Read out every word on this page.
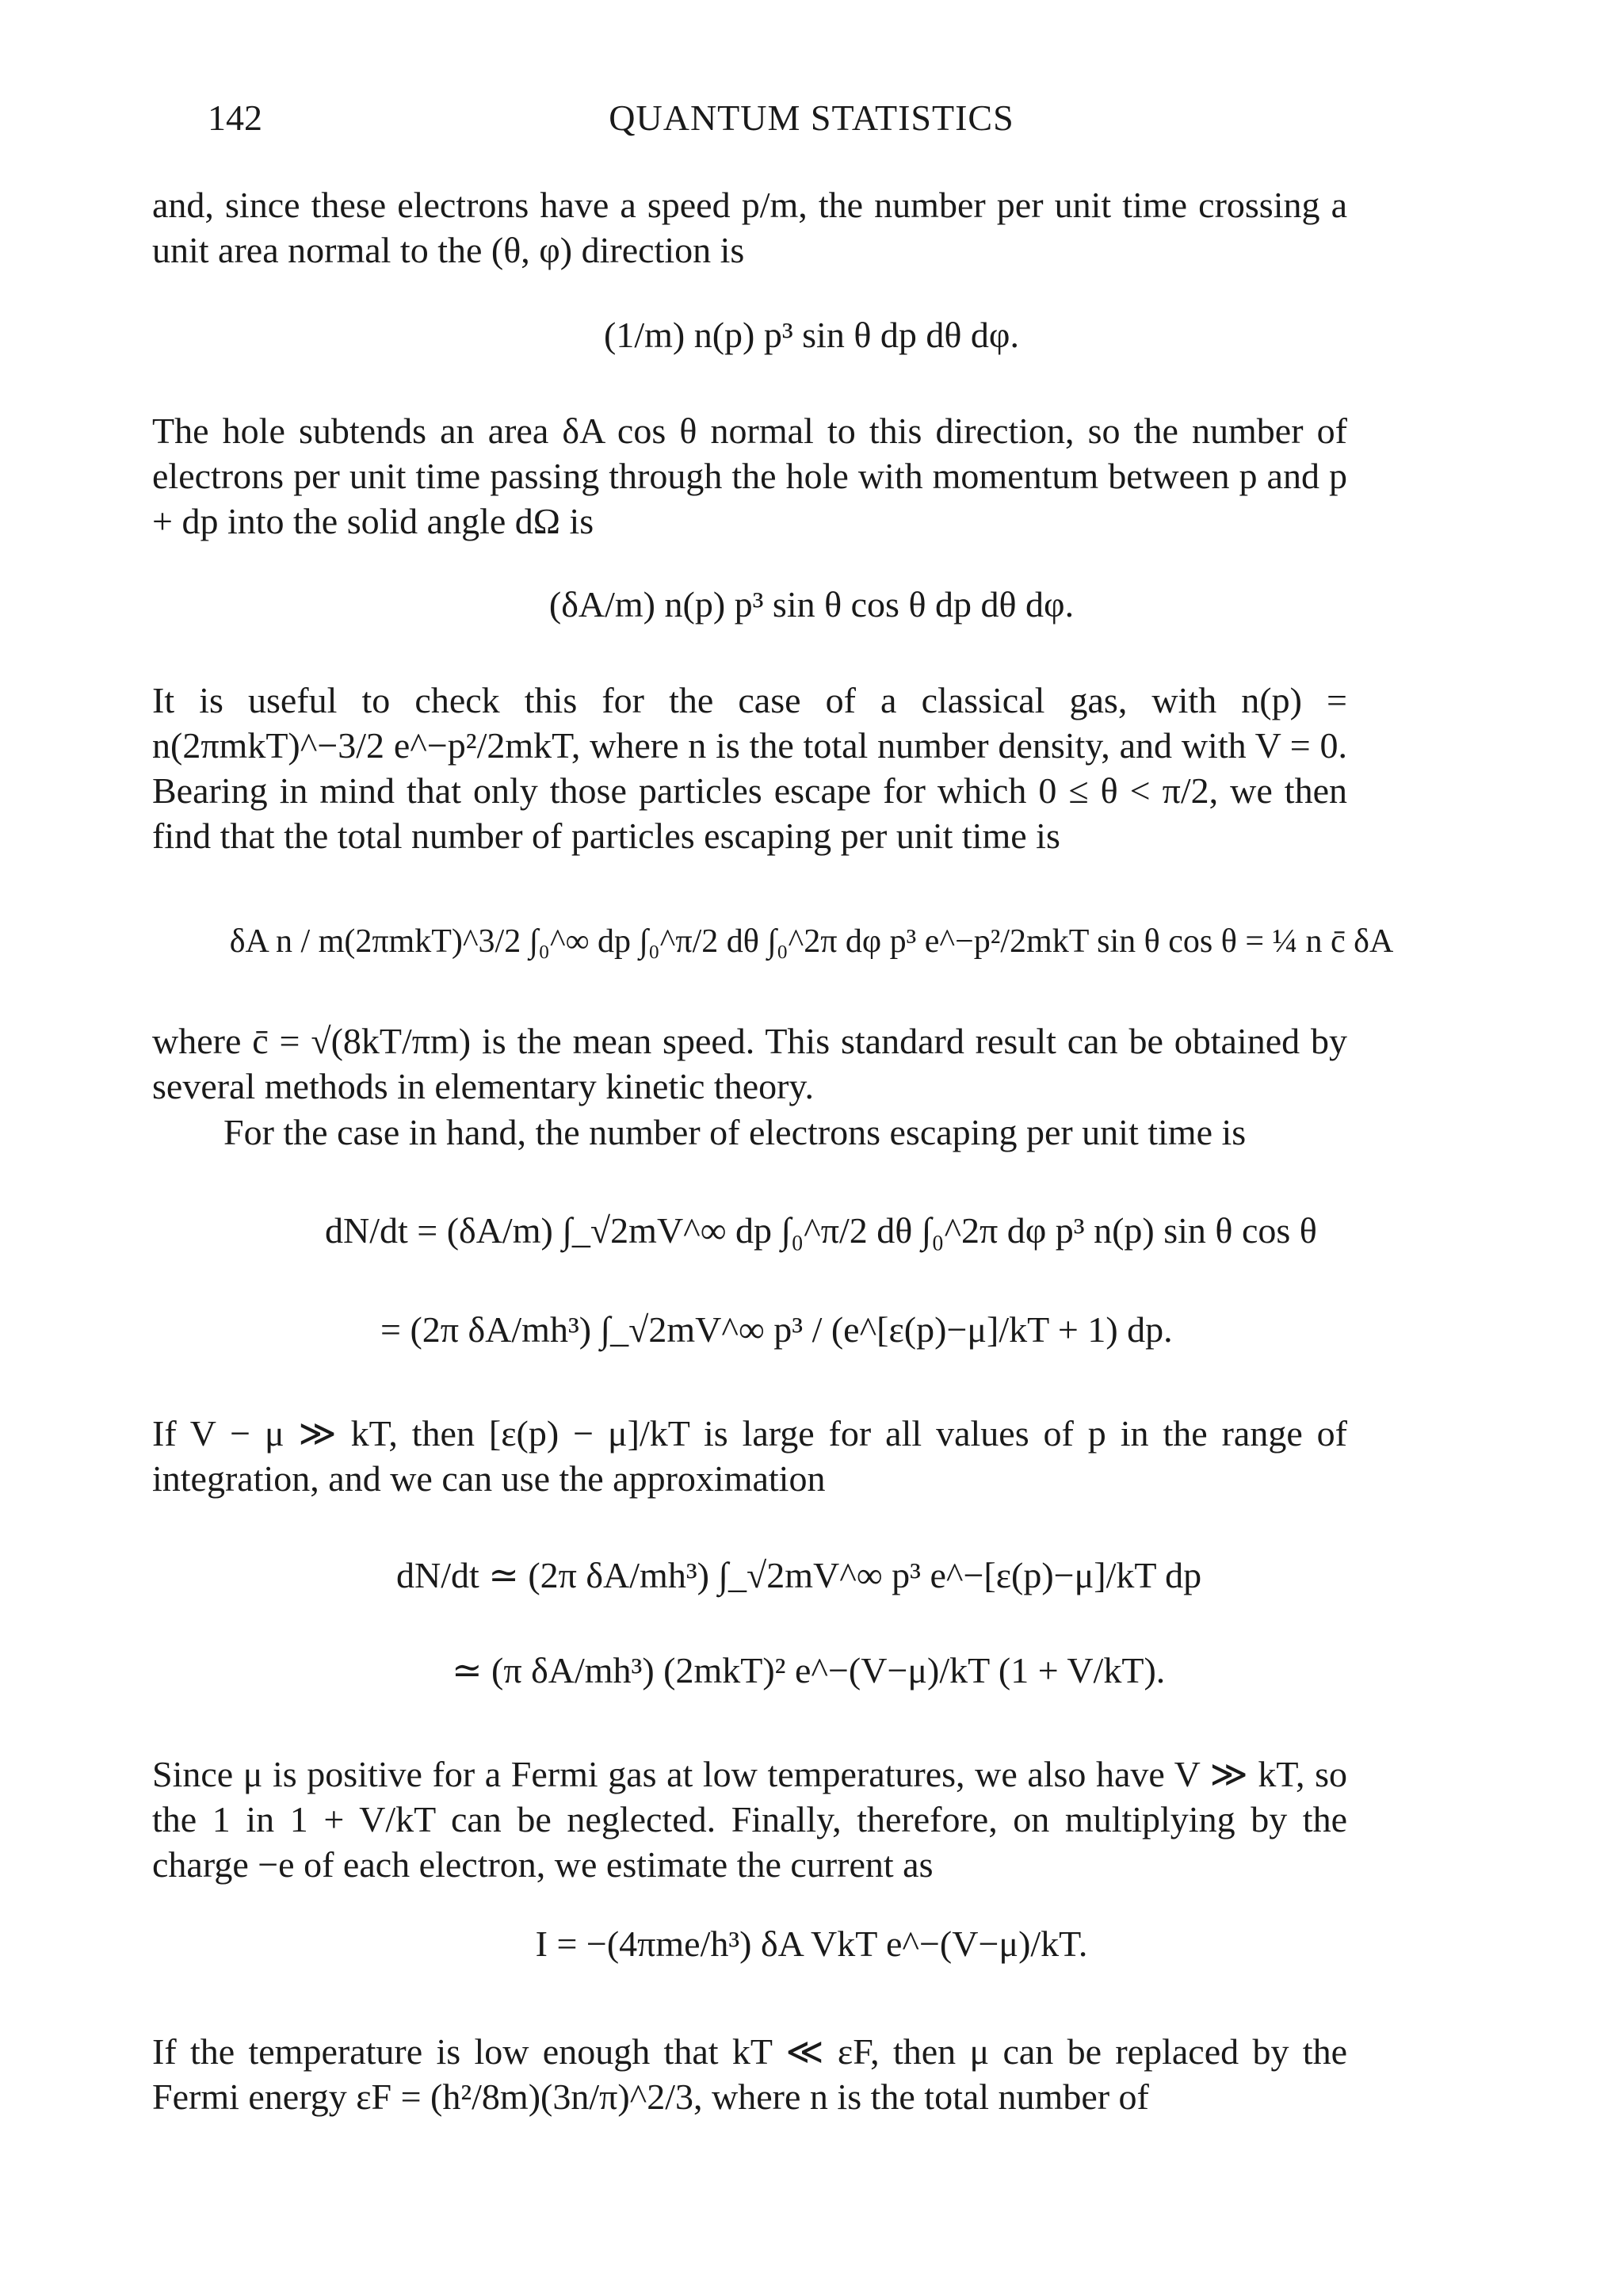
142	QUANTUM STATISTICS
and, since these electrons have a speed p/m, the number per unit time crossing a unit area normal to the (θ, φ) direction is
(1/m) n(p) p³ sin θ dp dθ dφ.
The hole subtends an area δA cos θ normal to this direction, so the number of electrons per unit time passing through the hole with momentum between p and p + dp into the solid angle dΩ is
(δA/m) n(p) p³ sin θ cos θ dp dθ dφ.
It is useful to check this for the case of a classical gas, with n(p) = n(2πmkT)^−3/2 e^−p²/2mkT, where n is the total number density, and with V = 0. Bearing in mind that only those particles escape for which 0 ≤ θ < π/2, we then find that the total number of particles escaping per unit time is
δA n / m(2πmkT)^3/2 ∫₀^∞ dp ∫₀^π/2 dθ ∫₀^2π dφ p³ e^−p²/2mkT sin θ cos θ = ¼ n c̄ δA
where c̄ = √(8kT/πm) is the mean speed. This standard result can be obtained by several methods in elementary kinetic theory.
For the case in hand, the number of electrons escaping per unit time is
dN/dt = (δA/m) ∫_√2mV^∞ dp ∫₀^π/2 dθ ∫₀^2π dφ p³ n(p) sin θ cos θ
= (2π δA/mh³) ∫_√2mV^∞ p³ / (e^[ε(p)−μ]/kT + 1) dp.
If V − μ ≫ kT, then [ε(p) − μ]/kT is large for all values of p in the range of integration, and we can use the approximation
dN/dt ≃ (2π δA/mh³) ∫_√2mV^∞ p³ e^−[ε(p)−μ]/kT dp
≃ (π δA/mh³) (2mkT)² e^−(V−μ)/kT (1 + V/kT).
Since μ is positive for a Fermi gas at low temperatures, we also have V ≫ kT, so the 1 in 1 + V/kT can be neglected. Finally, therefore, on multiplying by the charge −e of each electron, we estimate the current as
I = −(4πme/h³) δA VkT e^−(V−μ)/kT.
If the temperature is low enough that kT ≪ εF, then μ can be replaced by the Fermi energy εF = (h²/8m)(3n/π)^2/3, where n is the total number of
